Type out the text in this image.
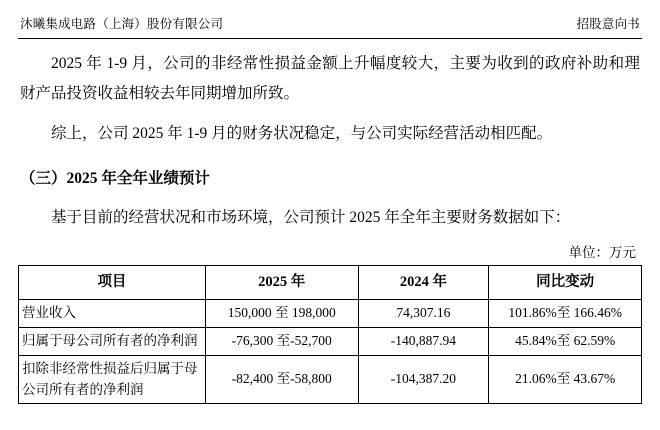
沐曦集成电路（上海）股份有限公司	招股意向书
2025 年 1-9 月，公司的非经常性损益金额上升幅度较大，主要为收到的政府补助和理财产品投资收益相较去年同期增加所致。
综上，公司 2025 年 1-9 月的财务状况稳定，与公司实际经营活动相匹配。
（三）2025 年全年业绩预计
基于目前的经营状况和市场环境，公司预计 2025 年全年主要财务数据如下：
单位：万元
项目	2025 年	2024 年	同比变动
营业收入	150,000 至 198,000	74,307.16	101.86%至 166.46%
归属于母公司所有者的净利润	-76,300 至-52,700	-140,887.94	45.84%至 62.59%
扣除非经常性损益后归属于母公司所有者的净利润	-82,400 至-58,800	-104,387.20	21.06%至 43.67%
